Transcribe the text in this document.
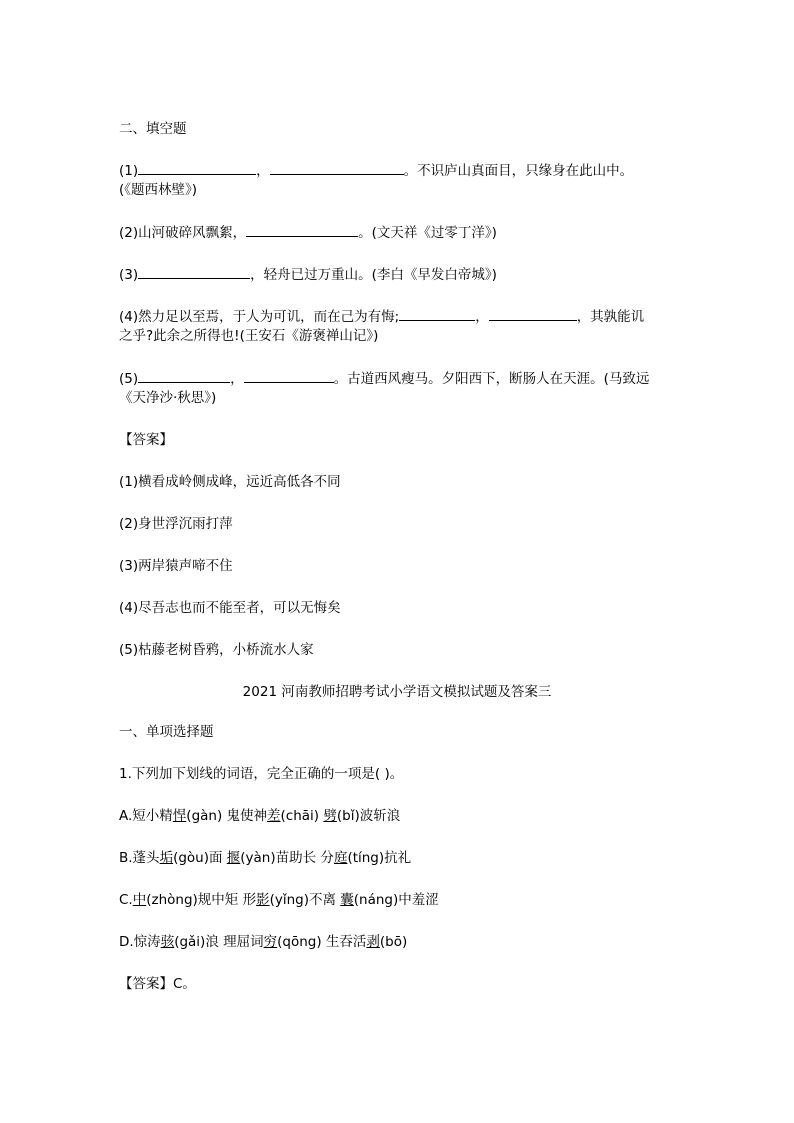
二、填空题
(1)	，	。不识庐山真面目，只缘身在此山中。
(《题西林壁》)
(2)山河破碎风飘絮，	。(文天祥《过零丁洋》)
(3)	，轻舟已过万重山。(李白《早发白帝城》)
(4)然力足以至焉，于人为可讥，而在己为有悔;	，	，其孰能讥
之乎?此余之所得也!(王安石《游褒禅山记》)
(5)	，	。古道西风瘦马。夕阳西下，断肠人在天涯。(马致远
《天净沙·秋思》)
【答案】
(1)横看成岭侧成峰，远近高低各不同
(2)身世浮沉雨打萍
(3)两岸猿声啼不住
(4)尽吾志也而不能至者，可以无悔矣
(5)枯藤老树昏鸦，小桥流水人家
2021 河南教师招聘考试小学语文模拟试题及答案三
一、单项选择题
1.下列加下划线的词语，完全正确的一项是( )。
A.短小精悍(gàn) 鬼使神差(chāi) 劈(bǐ)波斩浪
B.蓬头垢(gòu)面 揠(yàn)苗助长 分庭(tíng)抗礼
C.中(zhòng)规中矩 形影(yǐng)不离 囊(náng)中羞涩
D.惊涛骇(gǎi)浪 理屈词穷(qōng) 生吞活剥(bō)
【答案】C。
